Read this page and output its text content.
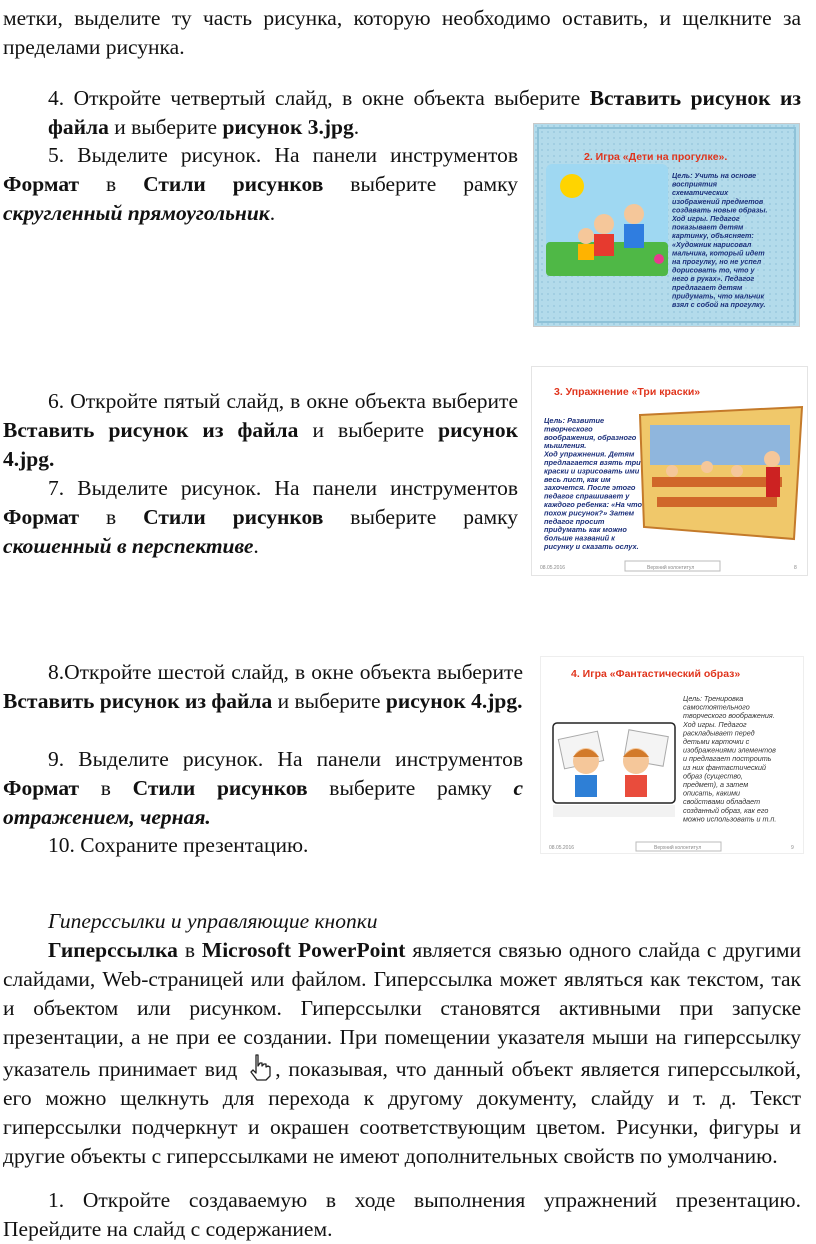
метки, выделите ту часть рисунка, которую необходимо оставить, и щелкните за пределами рисунка.

4. Откройте четвертый слайд, в окне объекта выберите Вставить рисунок из файла и выберите рисунок 3.jpg.

5. Выделите рисунок. На панели инструментов Формат в Стили рисунков выберите рамку скругленный прямоугольник.

2. Игра «Дети на прогулке».
Цель: Учить на основе
восприятия
схематических
изображений предметов
создавать новые образы.
Ход игры. Педагог
показывает детям
картинку, объясняет:
«Художник нарисовал
мальчика, который идет
на прогулку, но не успел
дорисовать то, что у
него в руках». Педагог
предлагает детям
придумать, что мальчик
взял с собой на прогулку.

6. Откройте пятый слайд, в окне объекта выберите Вставить рисунок из файла и выберите рисунок 4.jpg.

7. Выделите рисунок. На панели инструментов Формат в Стили рисунков выберите рамку скошенный в перспективе.

3. Упражнение «Три краски»
Цель: Развитие
творческого
воображения, образного
мышления.
Ход упражнения. Детям
предлагается взять три
краски и изрисовать ими
весь лист, как им
захочется. После этого
педагог спрашивает у
каждого ребенка: «На что
похож рисунок?» Затем
педагог просит
придумать как можно
больше названий к
рисунку и сказать ослух.
08.05.2016	Верхний колонтитул	8

8.Откройте шестой слайд, в окне объекта выберите Вставить рисунок из файла и выберите рисунок 4.jpg.

9. Выделите рисунок. На панели инструментов Формат в Стили рисунков выберите рамку с отражением, черная.

10. Сохраните презентацию.

4. Игра «Фантастический образ»
Цель: Тренировка
самостоятельного
творческого воображения.
Ход игры. Педагог
раскладывает перед
детьми карточки с
изображениями элементов
и предлагает построить
из них фантастический
образ (существо,
предмет), а затем
описать, какими
свойствами обладает
созданный образ, как его
можно использовать и т.п.
08.05.2016	Верхний колонтитул	9

Гиперссылки и управляющие кнопки

Гиперссылка в Microsoft PowerPoint является связью одного слайда с другими слайдами, Web-страницей или файлом. Гиперссылка может являться как текстом, так и объектом или рисунком. Гиперссылки становятся активными при запуске презентации, а не при ее создании. При помещении указателя мыши на гиперссылку указатель принимает вид , показывая, что данный объект является гиперссылкой, его можно щелкнуть для перехода к другому документу, слайду и т. д. Текст гиперссылки подчеркнут и окрашен соответствующим цветом. Рисунки, фигуры и другие объекты с гиперссылками не имеют дополнительных свойств по умолчанию.

1. Откройте создаваемую в ходе выполнения упражнений презентацию. Перейдите на слайд с содержанием.
